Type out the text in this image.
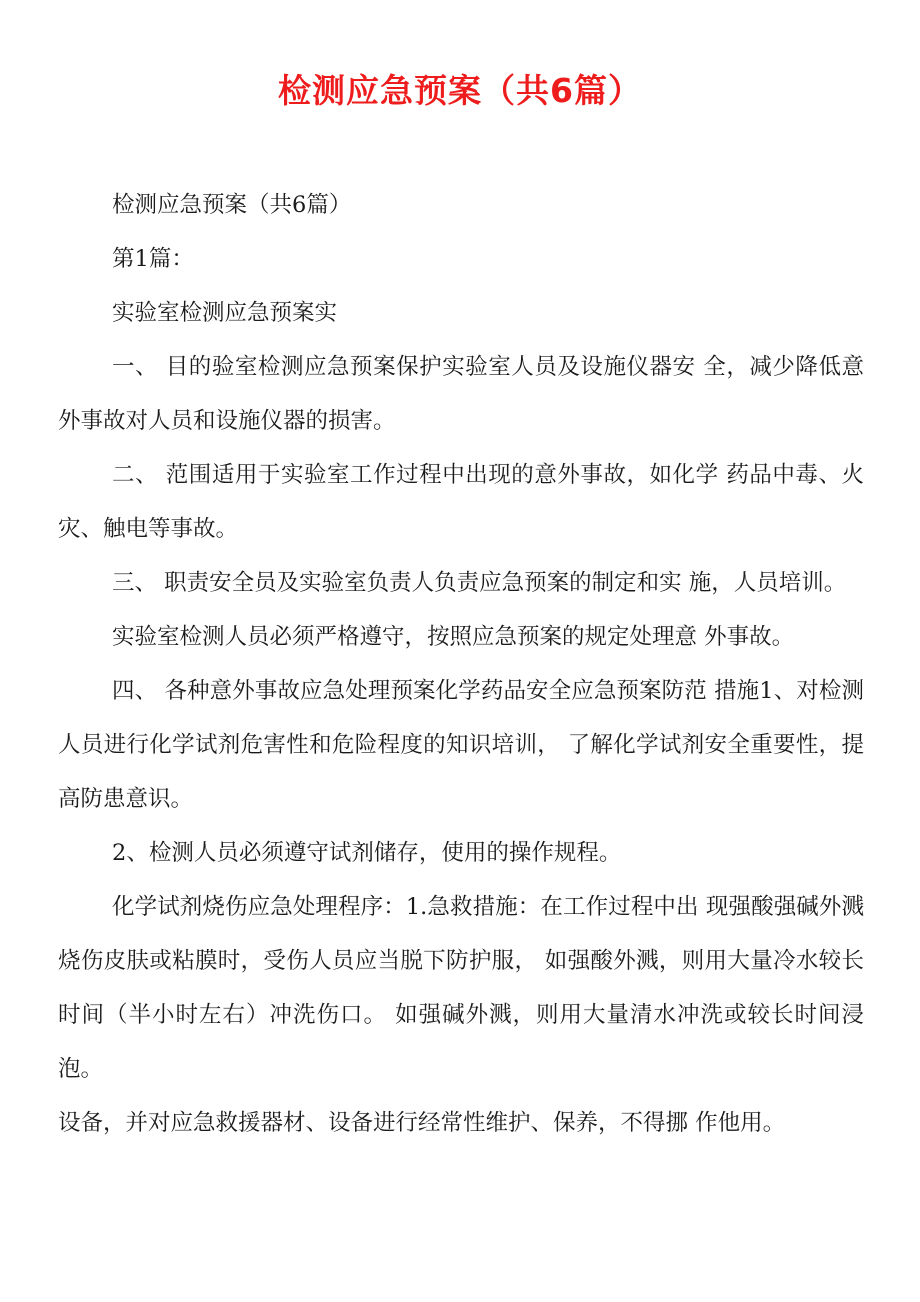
检测应急预案（共6篇）

检测应急预案（共6篇）

第1篇：

实验室检测应急预案实

一、 目的验室检测应急预案保护实验室人员及设施仪器安 全，减少降低意外事故对人员和设施仪器的损害。

二、 范围适用于实验室工作过程中出现的意外事故，如化学 药品中毒、火灾、触电等事故。

三、 职责安全员及实验室负责人负责应急预案的制定和实 施，人员培训。

实验室检测人员必须严格遵守，按照应急预案的规定处理意 外事故。

四、 各种意外事故应急处理预案化学药品安全应急预案防范 措施1、对检测人员进行化学试剂危害性和危险程度的知识培训， 了解化学试剂安全重要性，提高防患意识。

2、检测人员必须遵守试剂储存，使用的操作规程。

化学试剂烧伤应急处理程序：1.急救措施：在工作过程中出 现强酸强碱外溅烧伤皮肤或粘膜时，受伤人员应当脱下防护服， 如强酸外溅，则用大量冷水较长时间（半小时左右）冲洗伤口。 如强碱外溅，则用大量清水冲洗或较长时间浸泡。

设备，并对应急救援器材、设备进行经常性维护、保养，不得挪 作他用。
